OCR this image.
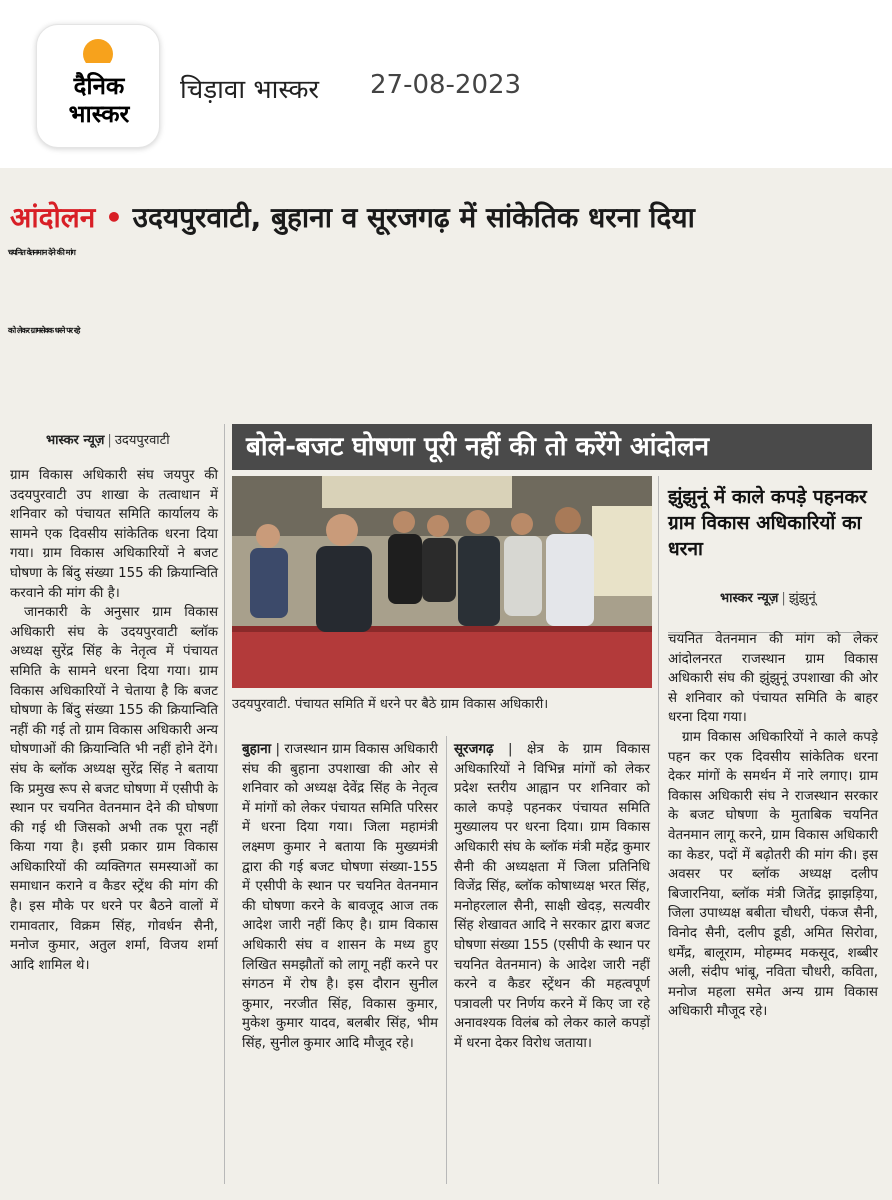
दैनिक
भास्कर
चिड़ावा भास्कर 27-08-2023
आंदोलन • उदयपुरवाटी, बुहाना व सूरजगढ़ में सांकेतिक धरना दिया
चयनित वेतनमान देने की मांग
को लेकर ग्रामसेवक धरने पर रहे
भास्कर न्यूज़ | उदयपुरवाटी

ग्राम विकास अधिकारी संघ जयपुर की उदयपुरवाटी उप शाखा के तत्वाधान में शनिवार को पंचायत समिति कार्यालय के सामने एक दिवसीय सांकेतिक धरना दिया गया। ग्राम विकास अधिकारियों ने बजट घोषणा के बिंदु संख्या 155 की क्रियान्विति करवाने की मांग की है।

जानकारी के अनुसार ग्राम विकास अधिकारी संघ के उदयपुरवाटी ब्लॉक अध्यक्ष सुरेंद्र सिंह के नेतृत्व में पंचायत समिति के सामने धरना दिया गया। ग्राम विकास अधिकारियों ने चेताया है कि बजट घोषणा के बिंदु संख्या 155 की क्रियान्विति नहीं की गई तो ग्राम विकास अधिकारी अन्य घोषणाओं की क्रियान्विति भी नहीं होने देंगे। संघ के ब्लॉक अध्यक्ष सुरेंद्र सिंह ने बताया कि प्रमुख रूप से बजट घोषणा में एसीपी के स्थान पर चयनित वेतनमान देने की घोषणा की गई थी जिसको अभी तक पूरा नहीं किया गया है। इसी प्रकार ग्राम विकास अधिकारियों की व्यक्तिगत समस्याओं का समाधान कराने व कैडर स्ट्रेंथ की मांग की है। इस मौके पर धरने पर बैठने वालों में रामावतार, विक्रम सिंह, गोवर्धन सैनी, मनोज कुमार, अतुल शर्मा, विजय शर्मा आदि शामिल थे।

बोले-बजट घोषणा पूरी नहीं की तो करेंगे आंदोलन
उदयपुरवाटी. पंचायत समिति में धरने पर बैठे ग्राम विकास अधिकारी।
झुंझुनूं में काले कपड़े पहनकर ग्राम विकास अधिकारियों का धरना
भास्कर न्यूज़ | झुंझुनूं

चयनित वेतनमान की मांग को लेकर आंदोलनरत राजस्थान ग्राम विकास अधिकारी संघ की झुंझुनूं उपशाखा की ओर से शनिवार को पंचायत समिति के बाहर धरना दिया गया।

ग्राम विकास अधिकारियों ने काले कपड़े पहन कर एक दिवसीय सांकेतिक धरना देकर मांगों के समर्थन में नारे लगाए। ग्राम विकास अधिकारी संघ ने राजस्थान सरकार के बजट घोषणा के मुताबिक चयनित वेतनमान लागू करने, ग्राम विकास अधिकारी का केडर, पदों में बढ़ोतरी की मांग की। इस अवसर पर ब्लॉक अध्यक्ष दलीप बिजारनिया, ब्लॉक मंत्री जितेंद्र झाझड़िया, जिला उपाध्यक्ष बबीता चौधरी, पंकज सैनी, विनोद सैनी, दलीप डूडी, अमित सिरोवा, धर्मेंद्र, बालूराम, मोहम्मद मकसूद, शब्बीर अली, संदीप भांबू, नविता चौधरी, कविता, मनोज महला समेत अन्य ग्राम विकास अधिकारी मौजूद रहे।

बुहाना | राजस्थान ग्राम विकास अधिकारी संघ की बुहाना उपशाखा की ओर से शनिवार को अध्यक्ष देवेंद्र सिंह के नेतृत्व में मांगों को लेकर पंचायत समिति परिसर में धरना दिया गया। जिला महामंत्री लक्ष्मण कुमार ने बताया कि मुख्यमंत्री द्वारा की गई बजट घोषणा संख्या-155 में एसीपी के स्थान पर चयनित वेतनमान की घोषणा करने के बावजूद आज तक आदेश जारी नहीं किए है। ग्राम विकास अधिकारी संघ व शासन के मध्य हुए लिखित समझौतों को लागू नहीं करने पर संगठन में रोष है। इस दौरान सुनील कुमार, नरजीत सिंह, विकास कुमार, मुकेश कुमार यादव, बलबीर सिंह, भीम सिंह, सुनील कुमार आदि मौजूद रहे।

सूरजगढ़ | क्षेत्र के ग्राम विकास अधिकारियों ने विभिन्न मांगों को लेकर प्रदेश स्तरीय आह्वान पर शनिवार को काले कपड़े पहनकर पंचायत समिति मुख्यालय पर धरना दिया। ग्राम विकास अधिकारी संघ के ब्लॉक मंत्री महेंद्र कुमार सैनी की अध्यक्षता में जिला प्रतिनिधि विजेंद्र सिंह, ब्लॉक कोषाध्यक्ष भरत सिंह, मनोहरलाल सैनी, साक्षी खेदड़, सत्यवीर सिंह शेखावत आदि ने सरकार द्वारा बजट घोषणा संख्या 155 (एसीपी के स्थान पर चयनित वेतनमान) के आदेश जारी नहीं करने व कैडर स्ट्रेंथन की महत्वपूर्ण पत्रावली पर निर्णय करने में किए जा रहे अनावश्यक विलंब को लेकर काले कपड़ों में धरना देकर विरोध जताया।
